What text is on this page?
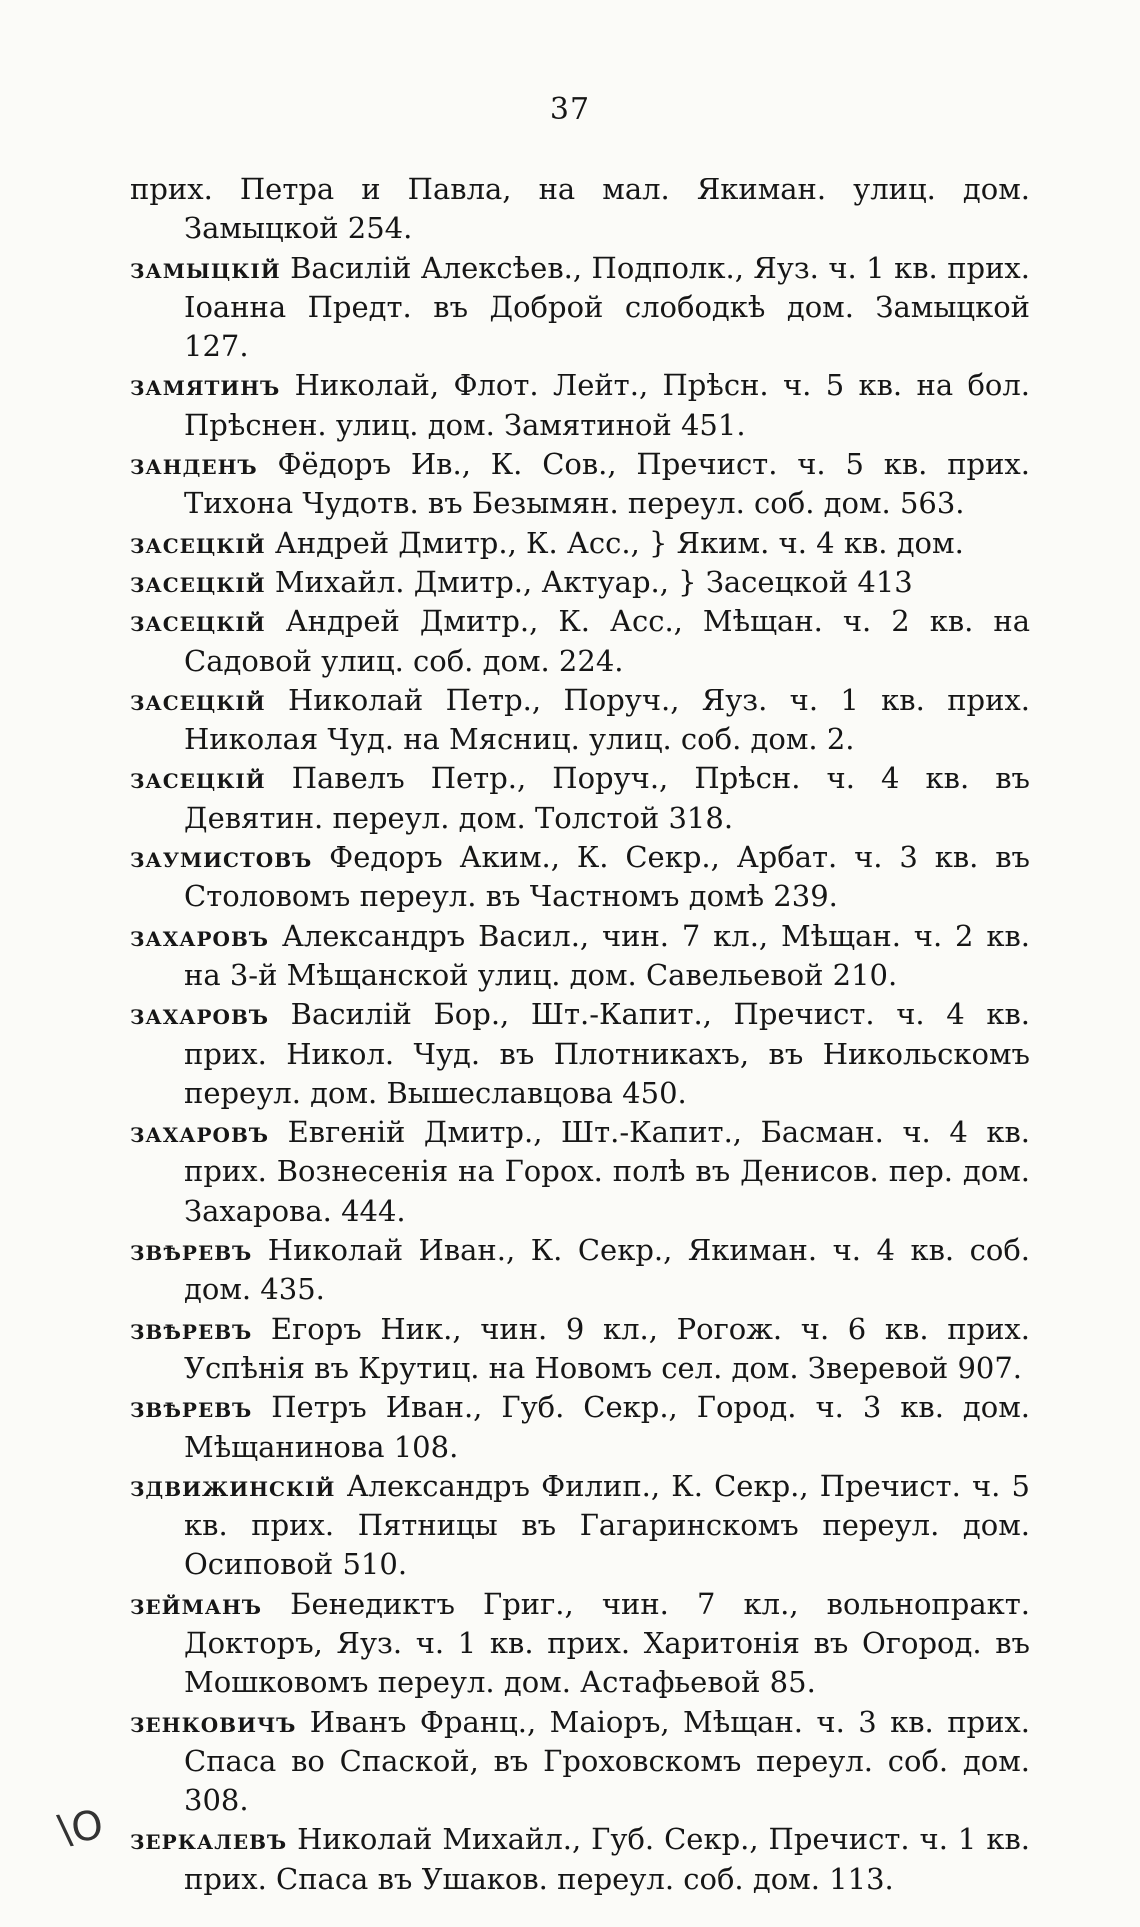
37

прих. Петра и Павла, на мал. Якиман. улиц. дом. Замыцкой 254.

замыцкій Василій Алексѣев., Подполк., Яуз. ч. 1 кв. прих. Іоанна Предт. въ Доброй слободкѣ дом. Замыцкой 127.

замятинъ Николай, Флот. Лейт., Прѣсн. ч. 5 кв. на бол. Прѣснен. улиц. дом. Замятиной 451.

занденъ Фёдоръ Ив., К. Сов., Пречист. ч. 5 кв. прих. Тихона Чудотв. въ Безымян. переул. соб. дом. 563.

засецкій Андрей Дмитр., К. Асс., } Яким. ч. 4 кв. дом.

засецкій Михайл. Дмитр., Актуар., } Засецкой 413

засецкій Андрей Дмитр., К. Асс., Мѣщан. ч. 2 кв. на Садовой улиц. соб. дом. 224.

засецкій Николай Петр., Поруч., Яуз. ч. 1 кв. прих. Николая Чуд. на Мясниц. улиц. соб. дом. 2.

засецкій Павелъ Петр., Поруч., Прѣсн. ч. 4 кв. въ Девятин. переул. дом. Толстой 318.

заумистовъ Федоръ Аким., К. Секр., Арбат. ч. 3 кв. въ Столовомъ переул. въ Частномъ домѣ 239.

захаровъ Александръ Васил., чин. 7 кл., Мѣщан. ч. 2 кв. на 3-й Мѣщанской улиц. дом. Савельевой 210.

захаровъ Василій Бор., Шт.-Капит., Пречист. ч. 4 кв. прих. Никол. Чуд. въ Плотникахъ, въ Никольскомъ переул. дом. Вышеславцова 450.

захаровъ Евгеній Дмитр., Шт.-Капит., Басман. ч. 4 кв. прих. Вознесенія на Горох. полѣ въ Денисов. пер. дом. Захарова. 444.

звѣревъ Николай Иван., К. Секр., Якиман. ч. 4 кв. соб. дом. 435.

звѣревъ Егоръ Ник., чин. 9 кл., Рогож. ч. 6 кв. прих. Успѣнія въ Крутиц. на Новомъ сел. дом. Зверевой 907.

звѣревъ Петръ Иван., Губ. Секр., Город. ч. 3 кв. дом. Мѣщанинова 108.

здвижинскій Александръ Филип., К. Секр., Пречист. ч. 5 кв. прих. Пятницы въ Гагаринскомъ переул. дом. Осиповой 510.

зейманъ Бенедиктъ Григ., чин. 7 кл., вольнопракт. Докторъ, Яуз. ч. 1 кв. прих. Харитонія въ Огород. въ Мошковомъ переул. дом. Астафьевой 85.

зенковичъ Иванъ Франц., Маіоръ, Мѣщан. ч. 3 кв. прих. Спаса во Спаской, въ Гроховскомъ переул. соб. дом. 308.

зеркалевъ Николай Михайл., Губ. Секр., Пречист. ч. 1 кв. прих. Спаса въ Ушаков. переул. соб. дом. 113.

\О
